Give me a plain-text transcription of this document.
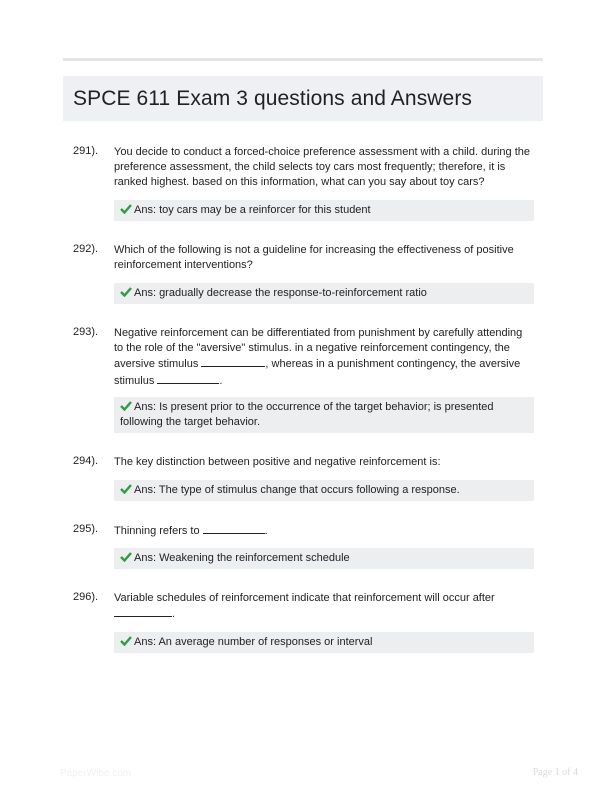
SPCE 611 Exam 3 questions and Answers
291). You decide to conduct a forced-choice preference assessment with a child. during the preference assessment, the child selects toy cars most frequently; therefore, it is ranked highest. based on this information, what can you say about toy cars?
Ans: toy cars may be a reinforcer for this student
292). Which of the following is not a guideline for increasing the effectiveness of positive reinforcement interventions?
Ans: gradually decrease the response-to-reinforcement ratio
293). Negative reinforcement can be differentiated from punishment by carefully attending to the role of the "aversive" stimulus. in a negative reinforcement contingency, the aversive stimulus	, whereas in a punishment contingency, the aversive stimulus	.
Ans: Is present prior to the occurrence of the target behavior; is presented following the target behavior.
294). The key distinction between positive and negative reinforcement is:
Ans: The type of stimulus change that occurs following a response.
295). Thinning refers to	.
Ans: Weakening the reinforcement schedule
296). Variable schedules of reinforcement indicate that reinforcement will occur after .
Ans: An average number of responses or interval
PaperWibe.com	Page 1 of 4
